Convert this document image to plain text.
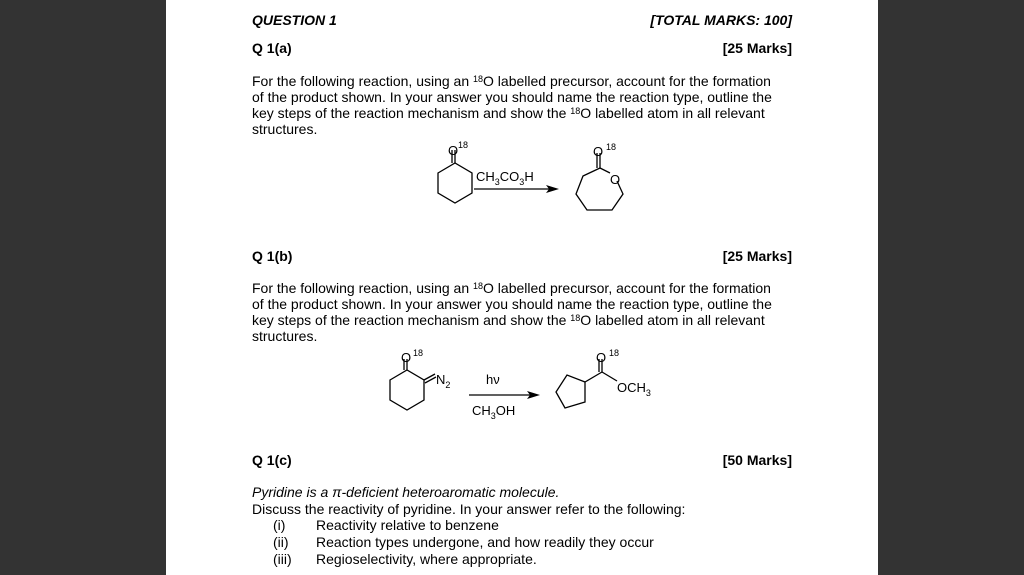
QUESTION 1	[TOTAL MARKS: 100]
Q 1(a)	[25 Marks]
For the following reaction, using an $^{18}$O labelled precursor, account for the formation
of the product shown. In your answer you should name the reaction type, outline the
key steps of the reaction mechanism and show the $^{18}$O labelled atom in all relevant
structures.
O 18
$CH_3CO_3H$
O 18
O
Q 1(b)	[25 Marks]
For the following reaction, using an $^{18}$O labelled precursor, account for the formation
of the product shown. In your answer you should name the reaction type, outline the
key steps of the reaction mechanism and show the $^{18}$O labelled atom in all relevant
structures.
O 18
$N_2$	hν
$CH_3OH$
O 18
$OCH_3$
Q 1(c)	[50 Marks]
Pyridine is a π-deficient heteroaromatic molecule.
Discuss the reactivity of pyridine. In your answer refer to the following:
(i) Reactivity relative to benzene
(ii) Reaction types undergone, and how readily they occur
(iii) Regioselectivity, where appropriate.
